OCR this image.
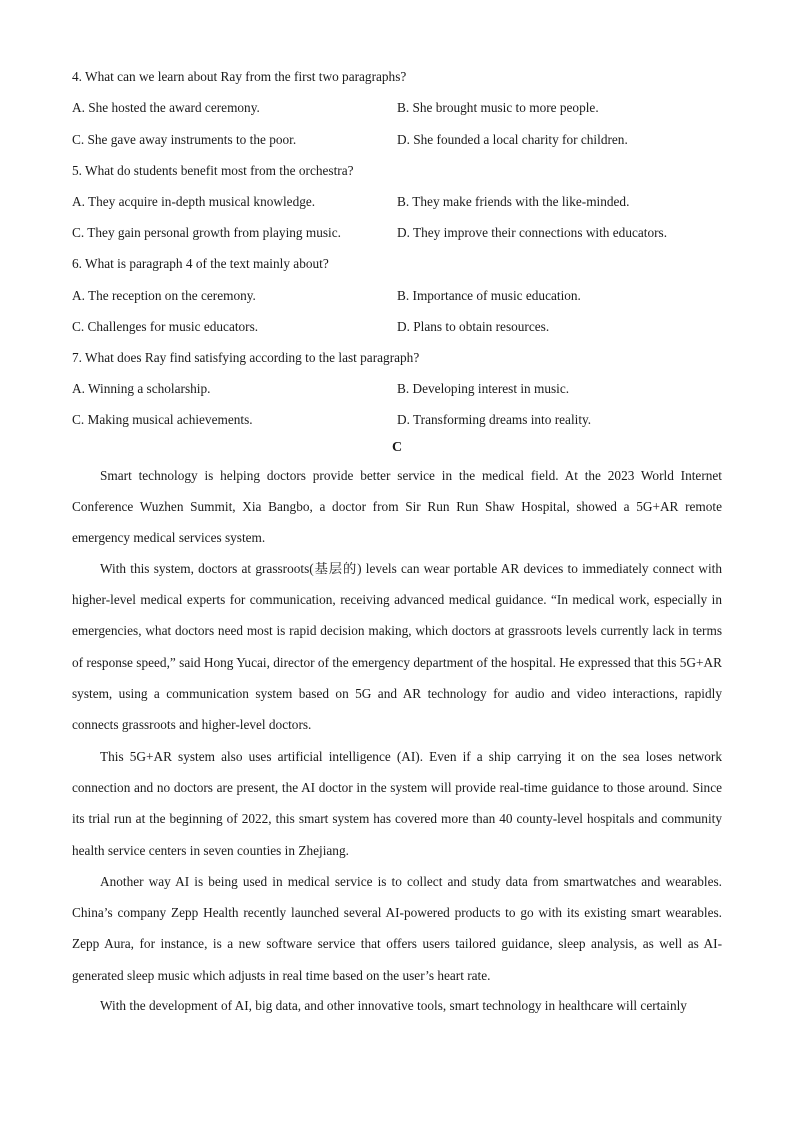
4. What can we learn about Ray from the first two paragraphs?
A. She hosted the award ceremony.	B. She brought music to more people.
C. She gave away instruments to the poor.	D. She founded a local charity for children.
5. What do students benefit most from the orchestra?
A. They acquire in-depth musical knowledge.	B. They make friends with the like-minded.
C. They gain personal growth from playing music.	D. They improve their connections with educators.
6. What is paragraph 4 of the text mainly about?
A. The reception on the ceremony.	B. Importance of music education.
C. Challenges for music educators.	D. Plans to obtain resources.
7. What does Ray find satisfying according to the last paragraph?
A. Winning a scholarship.	B. Developing interest in music.
C. Making musical achievements.	D. Transforming dreams into reality.
C

Smart technology is helping doctors provide better service in the medical field. At the 2023 World Internet Conference Wuzhen Summit, Xia Bangbo, a doctor from Sir Run Run Shaw Hospital, showed a 5G+AR remote emergency medical services system.

With this system, doctors at grassroots(基层的) levels can wear portable AR devices to immediately connect with higher-level medical experts for communication, receiving advanced medical guidance. “In medical work, especially in emergencies, what doctors need most is rapid decision making, which doctors at grassroots levels currently lack in terms of response speed,” said Hong Yucai, director of the emergency department of the hospital. He expressed that this 5G+AR system, using a communication system based on 5G and AR technology for audio and video interactions, rapidly connects grassroots and higher-level doctors.

This 5G+AR system also uses artificial intelligence (AI). Even if a ship carrying it on the sea loses network connection and no doctors are present, the AI doctor in the system will provide real-time guidance to those around. Since its trial run at the beginning of 2022, this smart system has covered more than 40 county-level hospitals and community health service centers in seven counties in Zhejiang.

Another way AI is being used in medical service is to collect and study data from smartwatches and wearables. China’s company Zepp Health recently launched several AI-powered products to go with its existing smart wearables. Zepp Aura, for instance, is a new software service that offers users tailored guidance, sleep analysis, as well as AI-generated sleep music which adjusts in real time based on the user’s heart rate.

With the development of AI, big data, and other innovative tools, smart technology in healthcare will certainly
